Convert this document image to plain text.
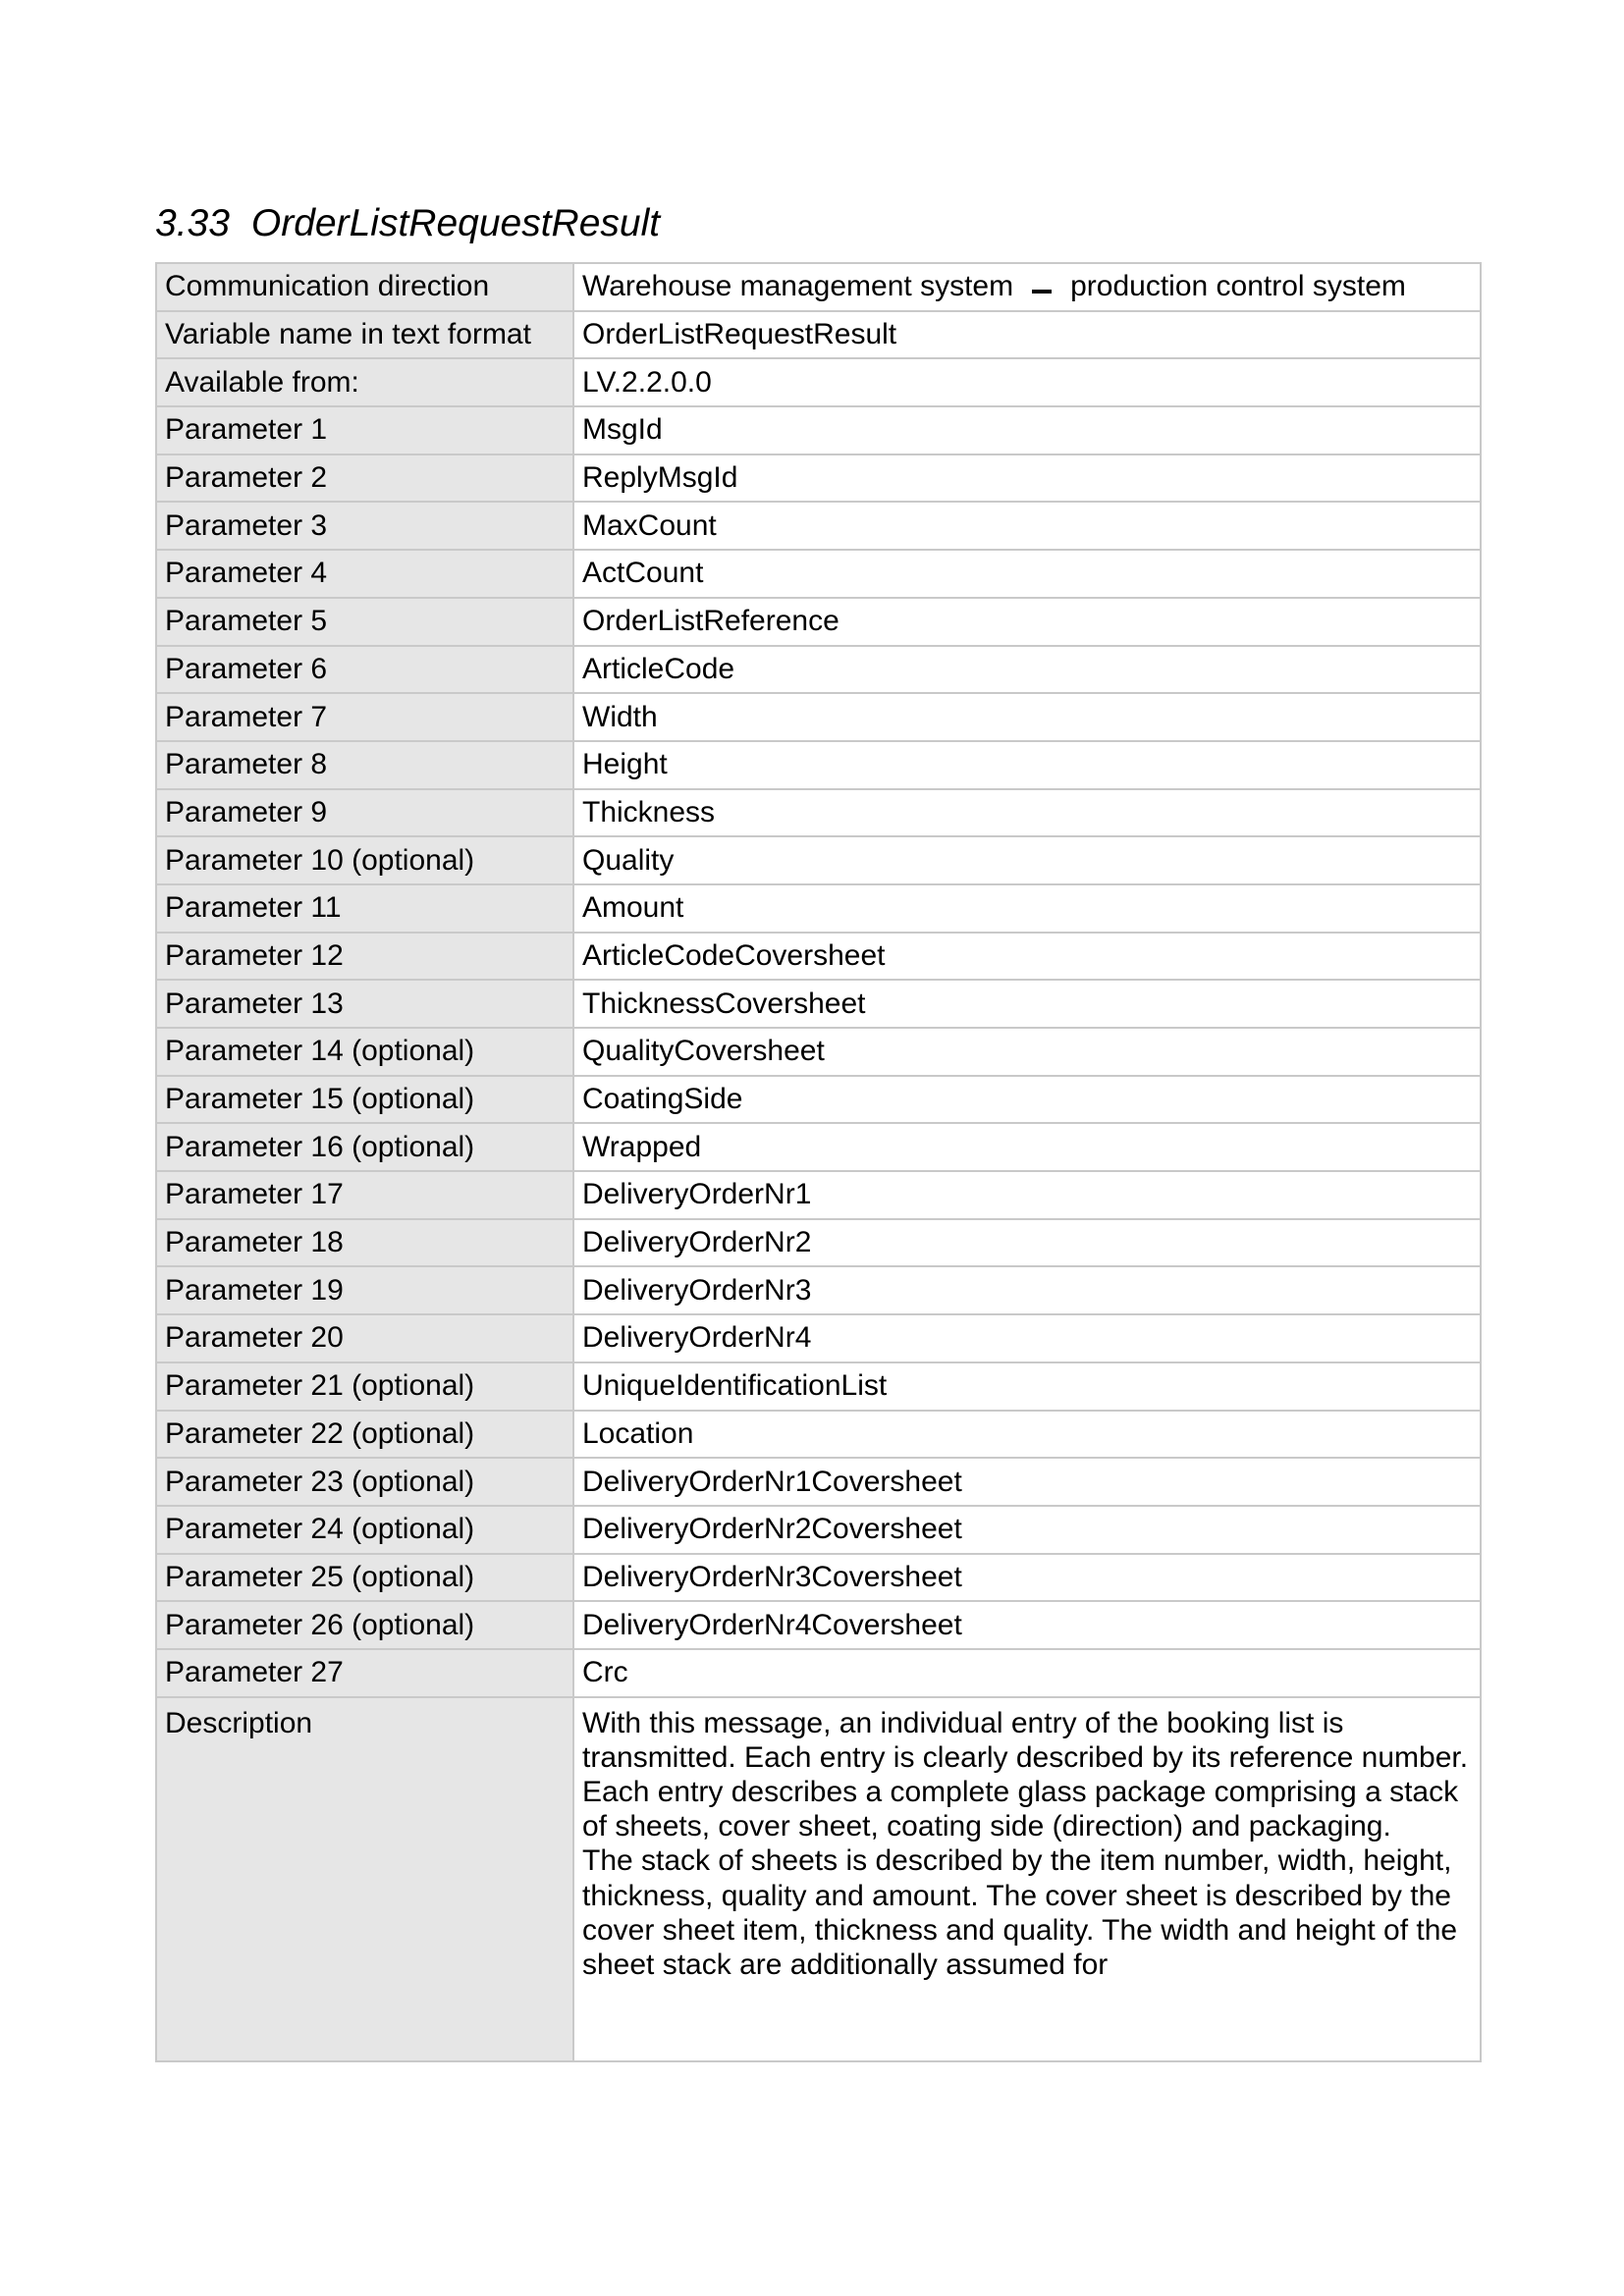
3.33 OrderListRequestResult
Communication direction	Warehouse management system production control system
Variable name in text format	OrderListRequestResult
Available from:	LV.2.2.0.0
Parameter 1	MsgId
Parameter 2	ReplyMsgId
Parameter 3	MaxCount
Parameter 4	ActCount
Parameter 5	OrderListReference
Parameter 6	ArticleCode
Parameter 7	Width
Parameter 8	Height
Parameter 9	Thickness
Parameter 10 (optional)	Quality
Parameter 11	Amount
Parameter 12	ArticleCodeCoversheet
Parameter 13	ThicknessCoversheet
Parameter 14 (optional)	QualityCoversheet
Parameter 15 (optional)	CoatingSide
Parameter 16 (optional)	Wrapped
Parameter 17	DeliveryOrderNr1
Parameter 18	DeliveryOrderNr2
Parameter 19	DeliveryOrderNr3
Parameter 20	DeliveryOrderNr4
Parameter 21 (optional)	UniqueIdentificationList
Parameter 22 (optional)	Location
Parameter 23 (optional)	DeliveryOrderNr1Coversheet
Parameter 24 (optional)	DeliveryOrderNr2Coversheet
Parameter 25 (optional)	DeliveryOrderNr3Coversheet
Parameter 26 (optional)	DeliveryOrderNr4Coversheet
Parameter 27	Crc
Description	With this message, an individual entry of the booking list is transmitted. Each entry is clearly described by its reference number.
Each entry describes a complete glass package comprising a stack of sheets, cover sheet, coating side (direction) and packaging.
The stack of sheets is described by the item number, width, height, thickness, quality and amount. The cover sheet is described by the cover sheet item, thickness and quality. The width and height of the sheet stack are additionally assumed for
